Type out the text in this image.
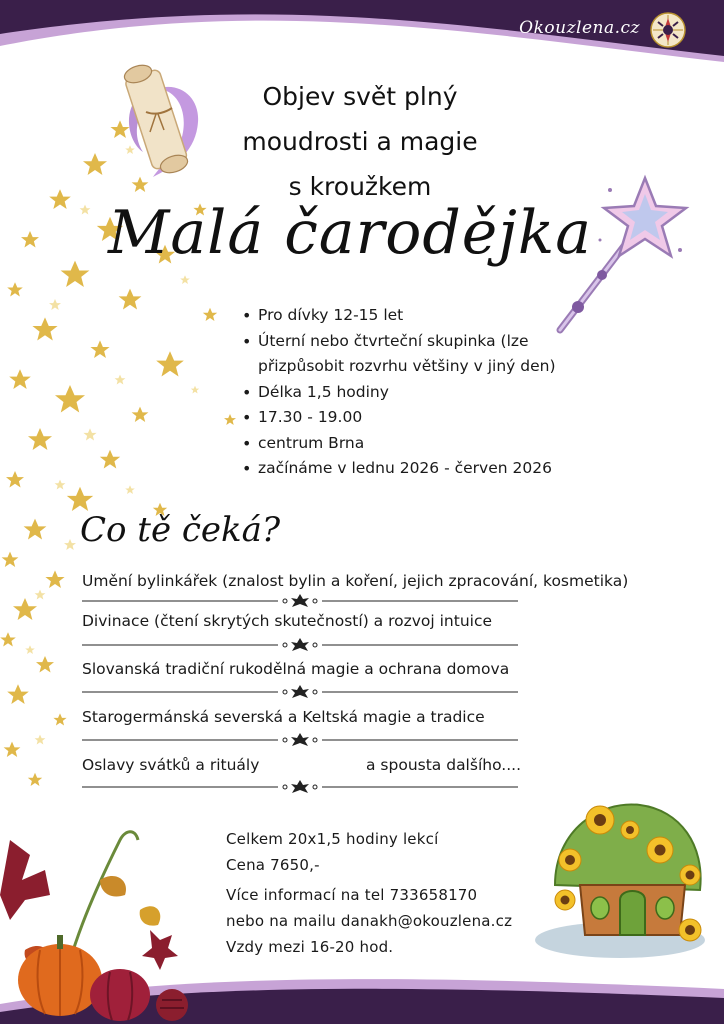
Okouzlena.cz
Objev svět plný
moudrosti a magie
s kroužkem
Malá čarodějka
• Pro dívky 12-15 let
• Úterní nebo čtvrteční skupinka (lze
přizpůsobit rozvrhu většiny v jiný den)
• Délka 1,5 hodiny
• 17.30 - 19.00
• centrum Brna
• začínáme v lednu 2026 - červen 2026
Co tě čeká?
Umění bylinkářek (znalost bylin a koření, jejich zpracování, kosmetika)
Divinace (čtení skrytých skutečností) a rozvoj intuice
Slovanská tradiční rukodělná magie a ochrana domova
Starogermánská severská a Keltská magie a tradice
Oslavy svátků a rituály	a spousta dalšího....
Celkem 20x1,5 hodiny lekcí
Cena 7650,-
Více informací na tel 733658170
nebo na mailu danakh@okouzlena.cz
Vzdy mezi 16-20 hod.
